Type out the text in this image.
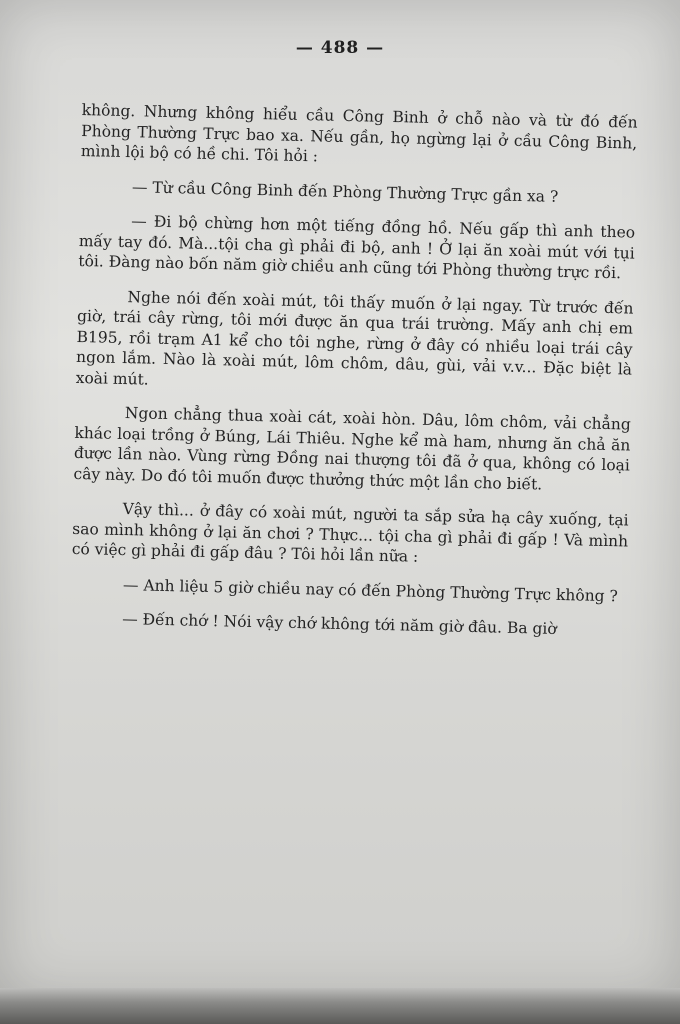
— 488 —

không. Nhưng không hiểu cầu Công Binh ở chỗ nào và từ đó đến Phòng Thường Trực bao xa. Nếu gần, họ ngừng lại ở cầu Công Binh, mình lội bộ có hề chi. Tôi hỏi :

— Từ cầu Công Binh đến Phòng Thường Trực gần xa ?

— Đi bộ chừng hơn một tiếng đồng hồ. Nếu gấp thì anh theo mấy tay đó. Mà...tội cha gì phải đi bộ, anh ! Ở lại ăn xoài mút với tụi tôi. Đàng nào bốn năm giờ chiều anh cũng tới Phòng thường trực rồi.

Nghe nói đến xoài mút, tôi thấy muốn ở lại ngay. Từ trước đến giờ, trái cây rừng, tôi mới được ăn qua trái trường. Mấy anh chị em B195, rồi trạm A1 kể cho tôi nghe, rừng ở đây có nhiều loại trái cây ngon lắm. Nào là xoài mút, lôm chôm, dâu, gùi, vải v.v... Đặc biệt là xoài mút.

Ngon chẳng thua xoài cát, xoài hòn. Dâu, lôm chôm, vải chẳng khác loại trồng ở Búng, Lái Thiêu. Nghe kể mà ham, nhưng ăn chả ăn được lần nào. Vùng rừng Đồng nai thượng tôi đã ở qua, không có loại cây này. Do đó tôi muốn được thưởng thức một lần cho biết.

Vậy thì... ở đây có xoài mút, người ta sắp sửa hạ cây xuống, tại sao mình không ở lại ăn chơi ? Thực... tội cha gì phải đi gấp ! Và mình có việc gì phải đi gấp đâu ? Tôi hỏi lần nữa :

— Anh liệu 5 giờ chiều nay có đến Phòng Thường Trực không ?

— Đến chớ ! Nói vậy chớ không tới năm giờ đâu. Ba giờ
